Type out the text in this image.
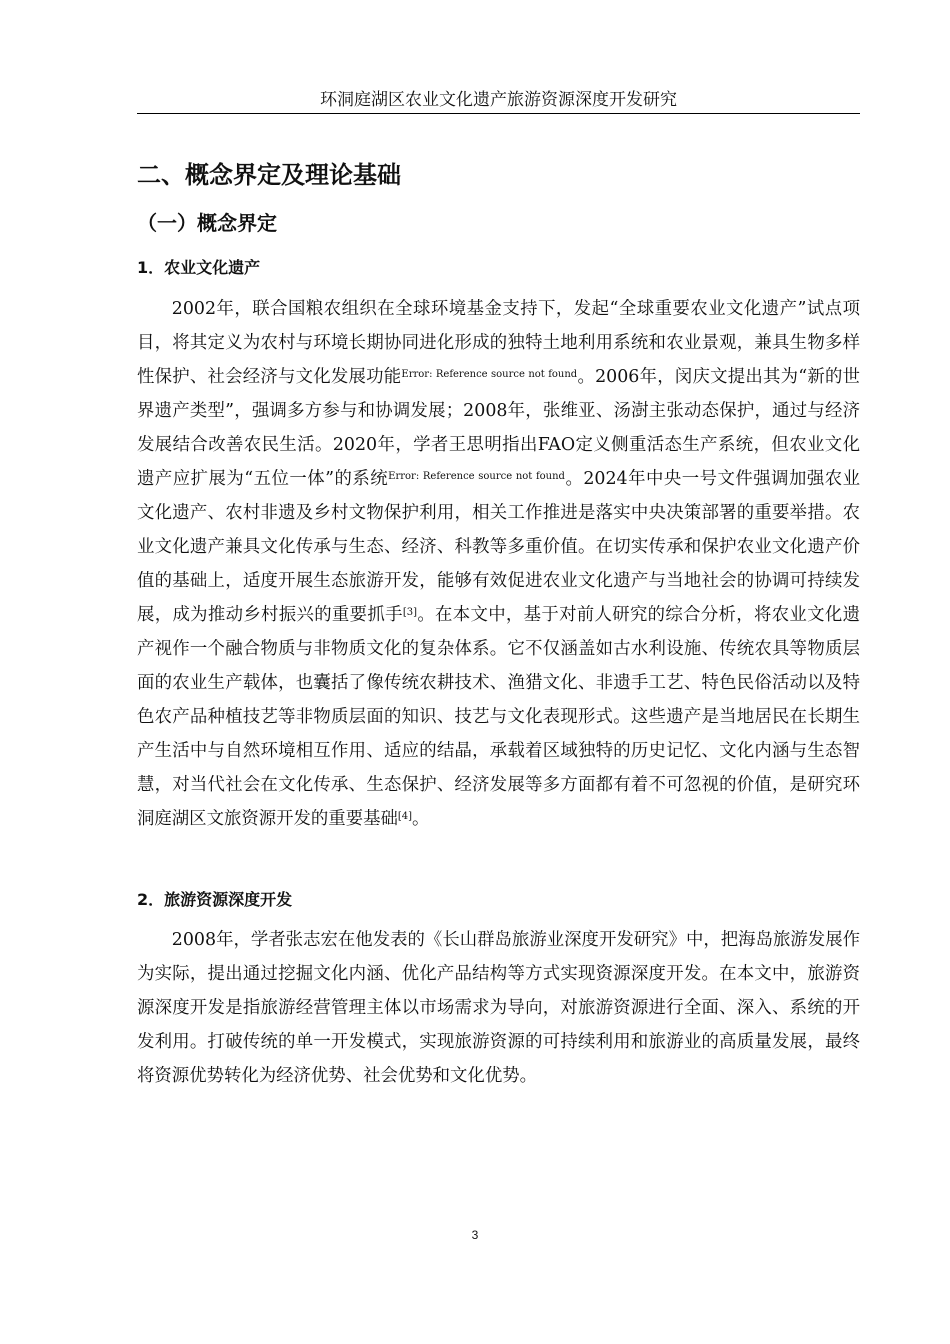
环洞庭湖区农业文化遗产旅游资源深度开发研究
二、概念界定及理论基础
（一）概念界定
1．农业文化遗产

2002年，联合国粮农组织在全球环境基金支持下，发起“全球重要农业文化遗产”试点项目，将其定义为农村与环境长期协同进化形成的独特土地利用系统和农业景观，兼具生物多样性保护、社会经济与文化发展功能$^{Error: Reference source not found}$。2006年，闵庆文提出其为“新的世界遗产类型”，强调多方参与和协调发展；2008年，张维亚、汤澍主张动态保护，通过与经济发展结合改善农民生活。2020年，学者王思明指出FAO定义侧重活态生产系统，但农业文化遗产应扩展为“五位一体”的系统$^{Error: Reference source not found}$。2024年中央一号文件强调加强农业文化遗产、农村非遗及乡村文物保护利用，相关工作推进是落实中央决策部署的重要举措。农业文化遗产兼具文化传承与生态、经济、科教等多重价值。在切实传承和保护农业文化遗产价值的基础上，适度开展生态旅游开发，能够有效促进农业文化遗产与当地社会的协调可持续发展，成为推动乡村振兴的重要抓手[3]。在本文中，基于对前人研究的综合分析，将农业文化遗产视作一个融合物质与非物质文化的复杂体系。它不仅涵盖如古水利设施、传统农具等物质层面的农业生产载体，也囊括了像传统农耕技术、渔猎文化、非遗手工艺、特色民俗活动以及特色农产品种植技艺等非物质层面的知识、技艺与文化表现形式。这些遗产是当地居民在长期生产生活中与自然环境相互作用、适应的结晶，承载着区域独特的历史记忆、文化内涵与生态智慧，对当代社会在文化传承、生态保护、经济发展等多方面都有着不可忽视的价值，是研究环洞庭湖区文旅资源开发的重要基础[4]。

2．旅游资源深度开发

2008年，学者张志宏在他发表的《长山群岛旅游业深度开发研究》中，把海岛旅游发展作为实际，提出通过挖掘文化内涵、优化产品结构等方式实现资源深度开发。在本文中，旅游资源深度开发是指旅游经营管理主体以市场需求为导向，对旅游资源进行全面、深入、系统的开发利用。打破传统的单一开发模式，实现旅游资源的可持续利用和旅游业的高质量发展，最终将资源优势转化为经济优势、社会优势和文化优势。

3
